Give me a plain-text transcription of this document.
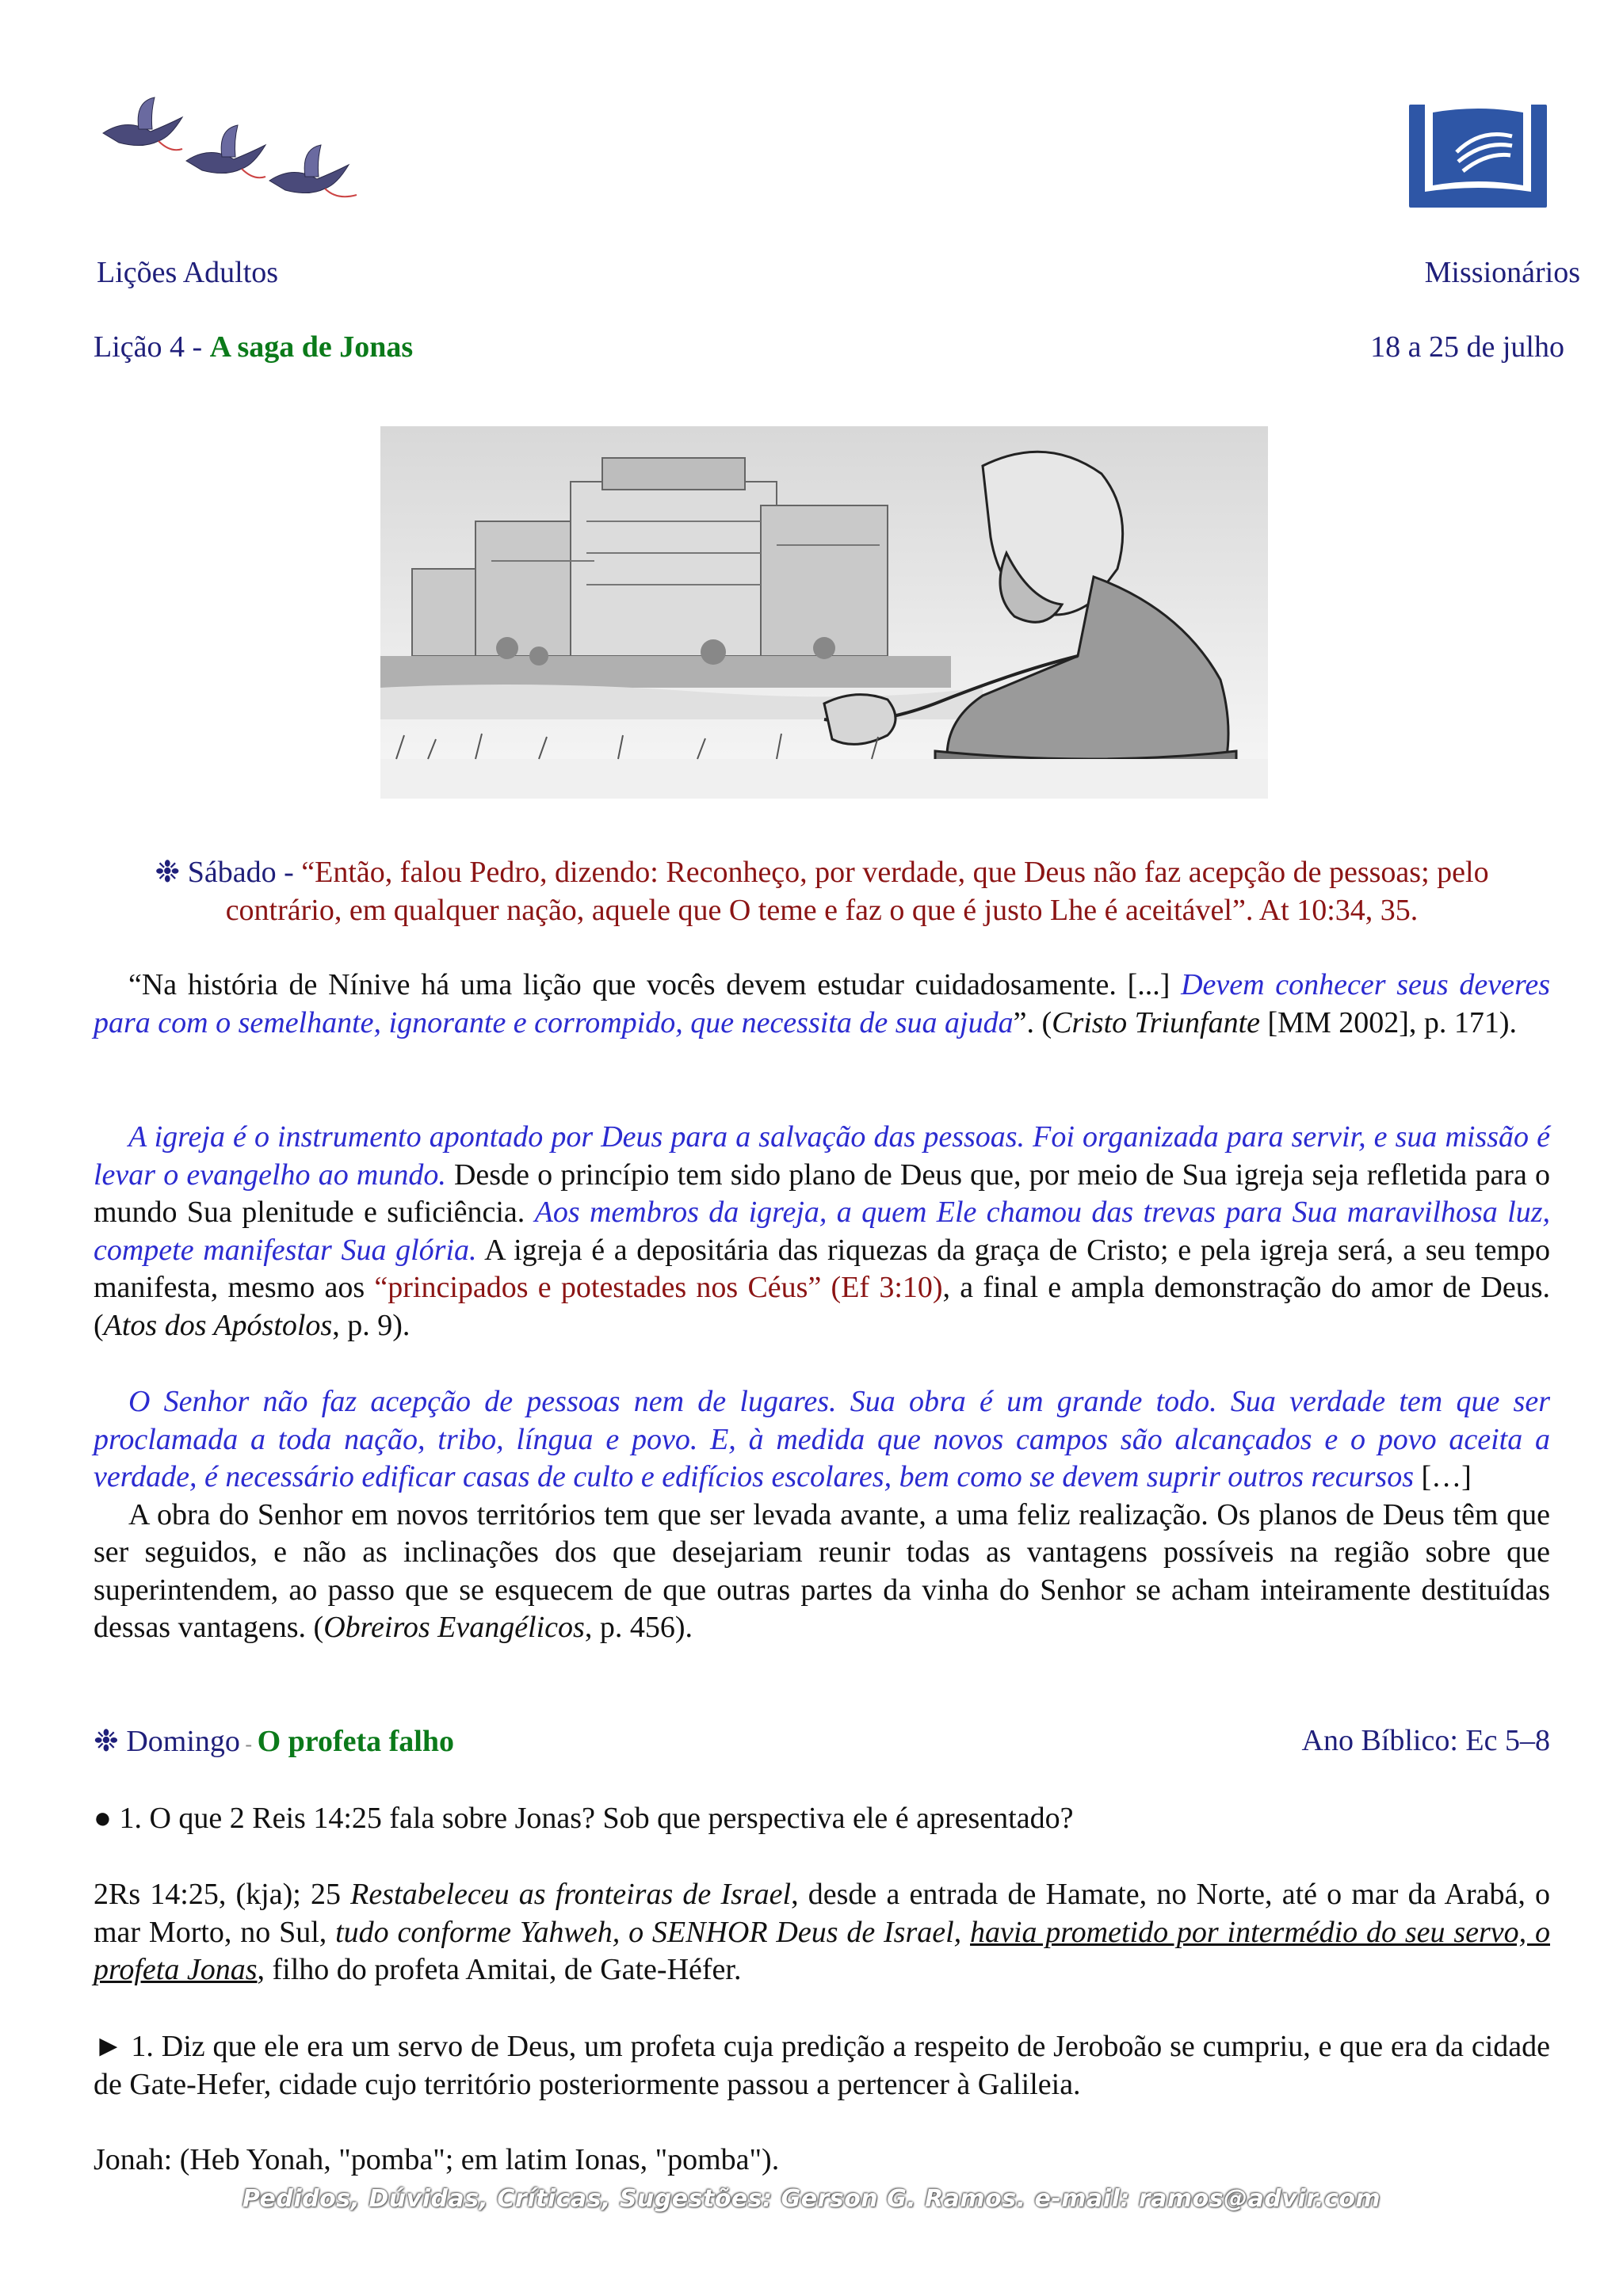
Lições Adultos	Missionários
Lição 4 - A saga de Jonas	18 a 25 de julho
❉ Sábado - “Então, falou Pedro, dizendo: Reconheço, por verdade, que Deus não faz acepção de pessoas; pelo contrário, em qualquer nação, aquele que O teme e faz o que é justo Lhe é aceitável”. At 10:34, 35.
“Na história de Nínive há uma lição que vocês devem estudar cuidadosamente. [...] Devem conhecer seus deveres para com o semelhante, ignorante e corrompido, que necessita de sua ajuda”. (Cristo Triunfante [MM 2002], p. 171).
A igreja é o instrumento apontado por Deus para a salvação das pessoas. Foi organizada para servir, e sua missão é levar o evangelho ao mundo. Desde o princípio tem sido plano de Deus que, por meio de Sua igreja seja refletida para o mundo Sua plenitude e suficiência. Aos membros da igreja, a quem Ele chamou das trevas para Sua maravilhosa luz, compete manifestar Sua glória. A igreja é a depositária das riquezas da graça de Cristo; e pela igreja será, a seu tempo manifesta, mesmo aos “principados e potestades nos Céus” (Ef 3:10), a final e ampla demonstração do amor de Deus. (Atos dos Apóstolos, p. 9).
O Senhor não faz acepção de pessoas nem de lugares. Sua obra é um grande todo. Sua verdade tem que ser proclamada a toda nação, tribo, língua e povo. E, à medida que novos campos são alcançados e o povo aceita a verdade, é necessário edificar casas de culto e edifícios escolares, bem como se devem suprir outros recursos […]
A obra do Senhor em novos territórios tem que ser levada avante, a uma feliz realização. Os planos de Deus têm que ser seguidos, e não as inclinações dos que desejariam reunir todas as vantagens possíveis na região sobre que superintendem, ao passo que se esquecem de que outras partes da vinha do Senhor se acham inteiramente destituídas dessas vantagens. (Obreiros Evangélicos, p. 456).
❉ Domingo - O profeta falho	Ano Bíblico: Ec 5–8
● 1. O que 2 Reis 14:25 fala sobre Jonas? Sob que perspectiva ele é apresentado?
2Rs 14:25, (kja); 25 Restabeleceu as fronteiras de Israel, desde a entrada de Hamate, no Norte, até o mar da Arabá, o mar Morto, no Sul, tudo conforme Yahweh, o SENHOR Deus de Israel, havia prometido por intermédio do seu servo, o profeta Jonas, filho do profeta Amitai, de Gate-Héfer.
► 1. Diz que ele era um servo de Deus, um profeta cuja predição a respeito de Jeroboão se cumpriu, e que era da cidade de Gate-Hefer, cidade cujo território posteriormente passou a pertencer à Galileia.
Jonah: (Heb Yonah, "pomba"; em latim Ionas, "pomba").
Pedidos, Dúvidas, Críticas, Sugestões: Gerson G. Ramos. e-mail: ramos@advir.com
